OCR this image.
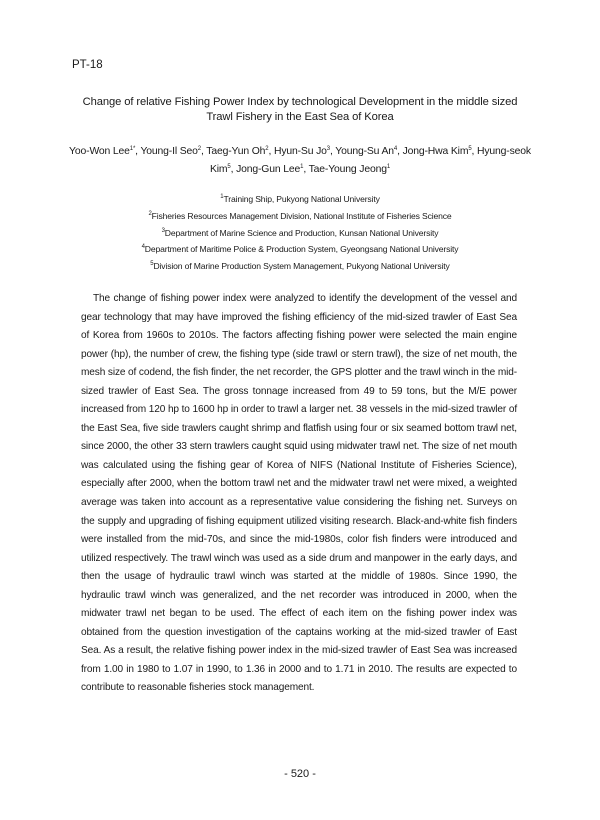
PT-18
Change of relative Fishing Power Index by technological Development in the middle sized
Trawl Fishery in the East Sea of Korea
Yoo-Won Lee$^{1*}$, Young-Il Seo$^2$, Taeg-Yun Oh$^2$, Hyun-Su Jo$^3$, Young-Su An$^4$, Jong-Hwa Kim$^5$, Hyung-seok Kim$^5$, Jong-Gun Lee$^1$, Tae-Young Jeong$^1$
$^1$Training Ship, Pukyong National University
$^2$Fisheries Resources Management Division, National Institute of Fisheries Science
$^3$Department of Marine Science and Production, Kunsan National University
$^4$Department of Maritime Police & Production System, Gyeongsang National University
$^5$Division of Marine Production System Management, Pukyong National University

The change of fishing power index were analyzed to identify the development of the vessel and gear technology that may have improved the fishing efficiency of the mid-sized trawler of East Sea of Korea from 1960s to 2010s. The factors affecting fishing power were selected the main engine power (hp), the number of crew, the fishing type (side trawl or stern trawl), the size of net mouth, the mesh size of codend, the fish finder, the net recorder, the GPS plotter and the trawl winch in the mid-sized trawler of East Sea. The gross tonnage increased from 49 to 59 tons, but the M/E power increased from 120 hp to 1600 hp in order to trawl a larger net. 38 vessels in the mid-sized trawler of the East Sea, five side trawlers caught shrimp and flatfish using four or six seamed bottom trawl net, since 2000, the other 33 stern trawlers caught squid using midwater trawl net. The size of net mouth was calculated using the fishing gear of Korea of NIFS (National Institute of Fisheries Science), especially after 2000, when the bottom trawl net and the midwater trawl net were mixed, a weighted average was taken into account as a representative value considering the fishing net. Surveys on the supply and upgrading of fishing equipment utilized visiting research. Black-and-white fish finders were installed from the mid-70s, and since the mid-1980s, color fish finders were introduced and utilized respectively. The trawl winch was used as a side drum and manpower in the early days, and then the usage of hydraulic trawl winch was started at the middle of 1980s. Since 1990, the hydraulic trawl winch was generalized, and the net recorder was introduced in 2000, when the midwater trawl net began to be used. The effect of each item on the fishing power index was obtained from the question investigation of the captains working at the mid-sized trawler of East Sea. As a result, the relative fishing power index in the mid-sized trawler of East Sea was increased from 1.00 in 1980 to 1.07 in 1990, to 1.36 in 2000 and to 1.71 in 2010. The results are expected to contribute to reasonable fisheries stock management.

- 520 -
